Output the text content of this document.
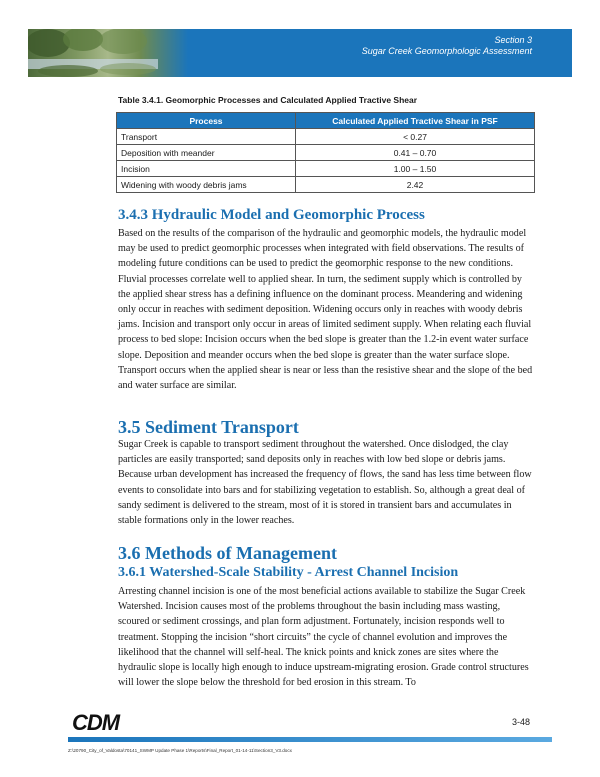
Section 3
Sugar Creek Geomorphologic Assessment
Table 3.4.1. Geomorphic Processes and Calculated Applied Tractive Shear
Process	Calculated Applied Tractive Shear in PSF
Transport	< 0.27
Deposition with meander	0.41 – 0.70
Incision	1.00 – 1.50
Widening with woody debris jams	2.42
3.4.3 Hydraulic Model and Geomorphic Process

Based on the results of the comparison of the hydraulic and geomorphic models, the hydraulic model may be used to predict geomorphic processes when integrated with field observations. The results of modeling future conditions can be used to predict the geomorphic response to the new conditions. Fluvial processes correlate well to applied shear. In turn, the sediment supply which is controlled by the applied shear stress has a defining influence on the dominant process. Meandering and widening only occur in reaches with sediment deposition. Widening occurs only in reaches with woody debris jams. Incision and transport only occur in areas of limited sediment supply. When relating each fluvial process to bed slope: Incision occurs when the bed slope is greater than the 1.2-in event water surface slope. Deposition and meander occurs when the bed slope is greater than the water surface slope. Transport occurs when the applied shear is near or less than the resistive shear and the slope of the bed and water surface are similar.

3.5 Sediment Transport

Sugar Creek is capable to transport sediment throughout the watershed. Once dislodged, the clay particles are easily transported; sand deposits only in reaches with low bed slope or debris jams. Because urban development has increased the frequency of flows, the sand has less time between flow events to consolidate into bars and for stabilizing vegetation to establish. So, although a great deal of sandy sediment is delivered to the stream, most of it is stored in transient bars and accumulates in stable formations only in the lower reaches.

3.6 Methods of Management
3.6.1 Watershed-Scale Stability - Arrest Channel Incision

Arresting channel incision is one of the most beneficial actions available to stabilize the Sugar Creek Watershed. Incision causes most of the problems throughout the basin including mass wasting, scoured or sediment crossings, and plan form adjustment. Fortunately, incision responds well to treatment. Stopping the incision “short circuits” the cycle of channel evolution and improves the likelihood that the channel will self-heal. The knick points and knick zones are sites where the hydraulic slope is locally high enough to induce upstream-migrating erosion. Grade control structures will lower the slope below the threshold for bed erosion in this stream. To

CDM	3-48
Z:\20790_City_of_Valdosta\70141_SWMP Update Phase 1\Reports\Final_Report_01-14-11\Section3_V3.docx
